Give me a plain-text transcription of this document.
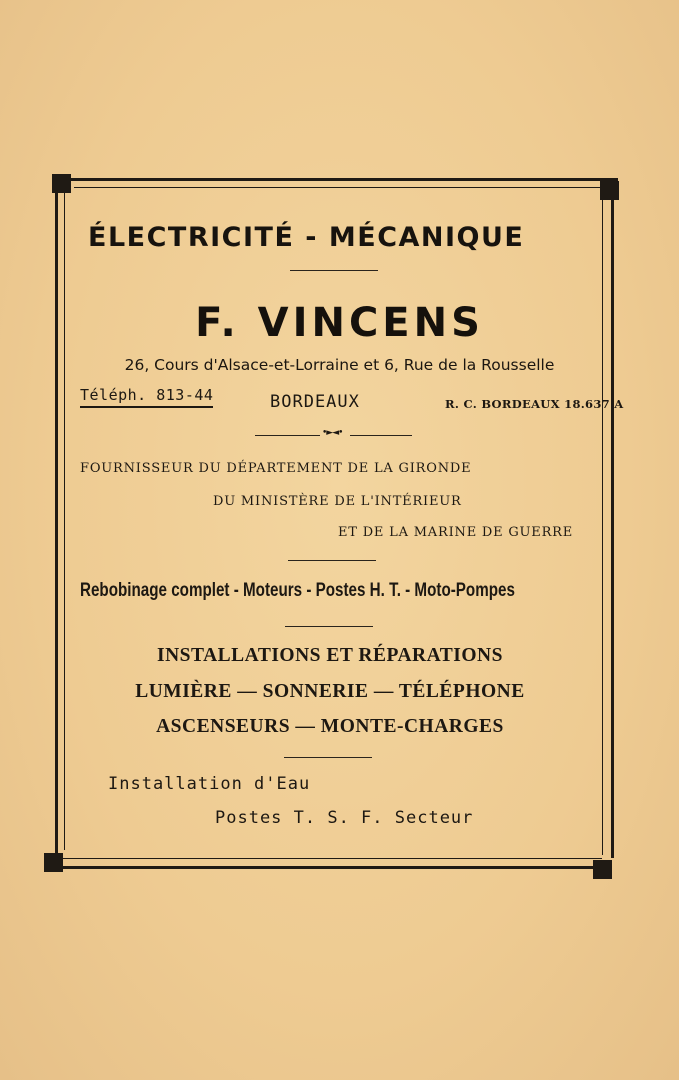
ÉLECTRICITÉ - MÉCANIQUE
F. VINCENS
26, Cours d'Alsace-et-Lorraine et 6, Rue de la Rousselle
Téléph. 813-44	BORDEAUX	R. C. BORDEAUX 18.637 A
•►◄•
FOURNISSEUR DU DÉPARTEMENT DE LA GIRONDE
DU MINISTÈRE DE L'INTÉRIEUR
ET DE LA MARINE DE GUERRE
Rebobinage complet - Moteurs - Postes H. T. - Moto-Pompes
INSTALLATIONS ET RÉPARATIONS
LUMIÈRE — SONNERIE — TÉLÉPHONE
ASCENSEURS — MONTE-CHARGES
Installation d'Eau
Postes T. S. F. Secteur
